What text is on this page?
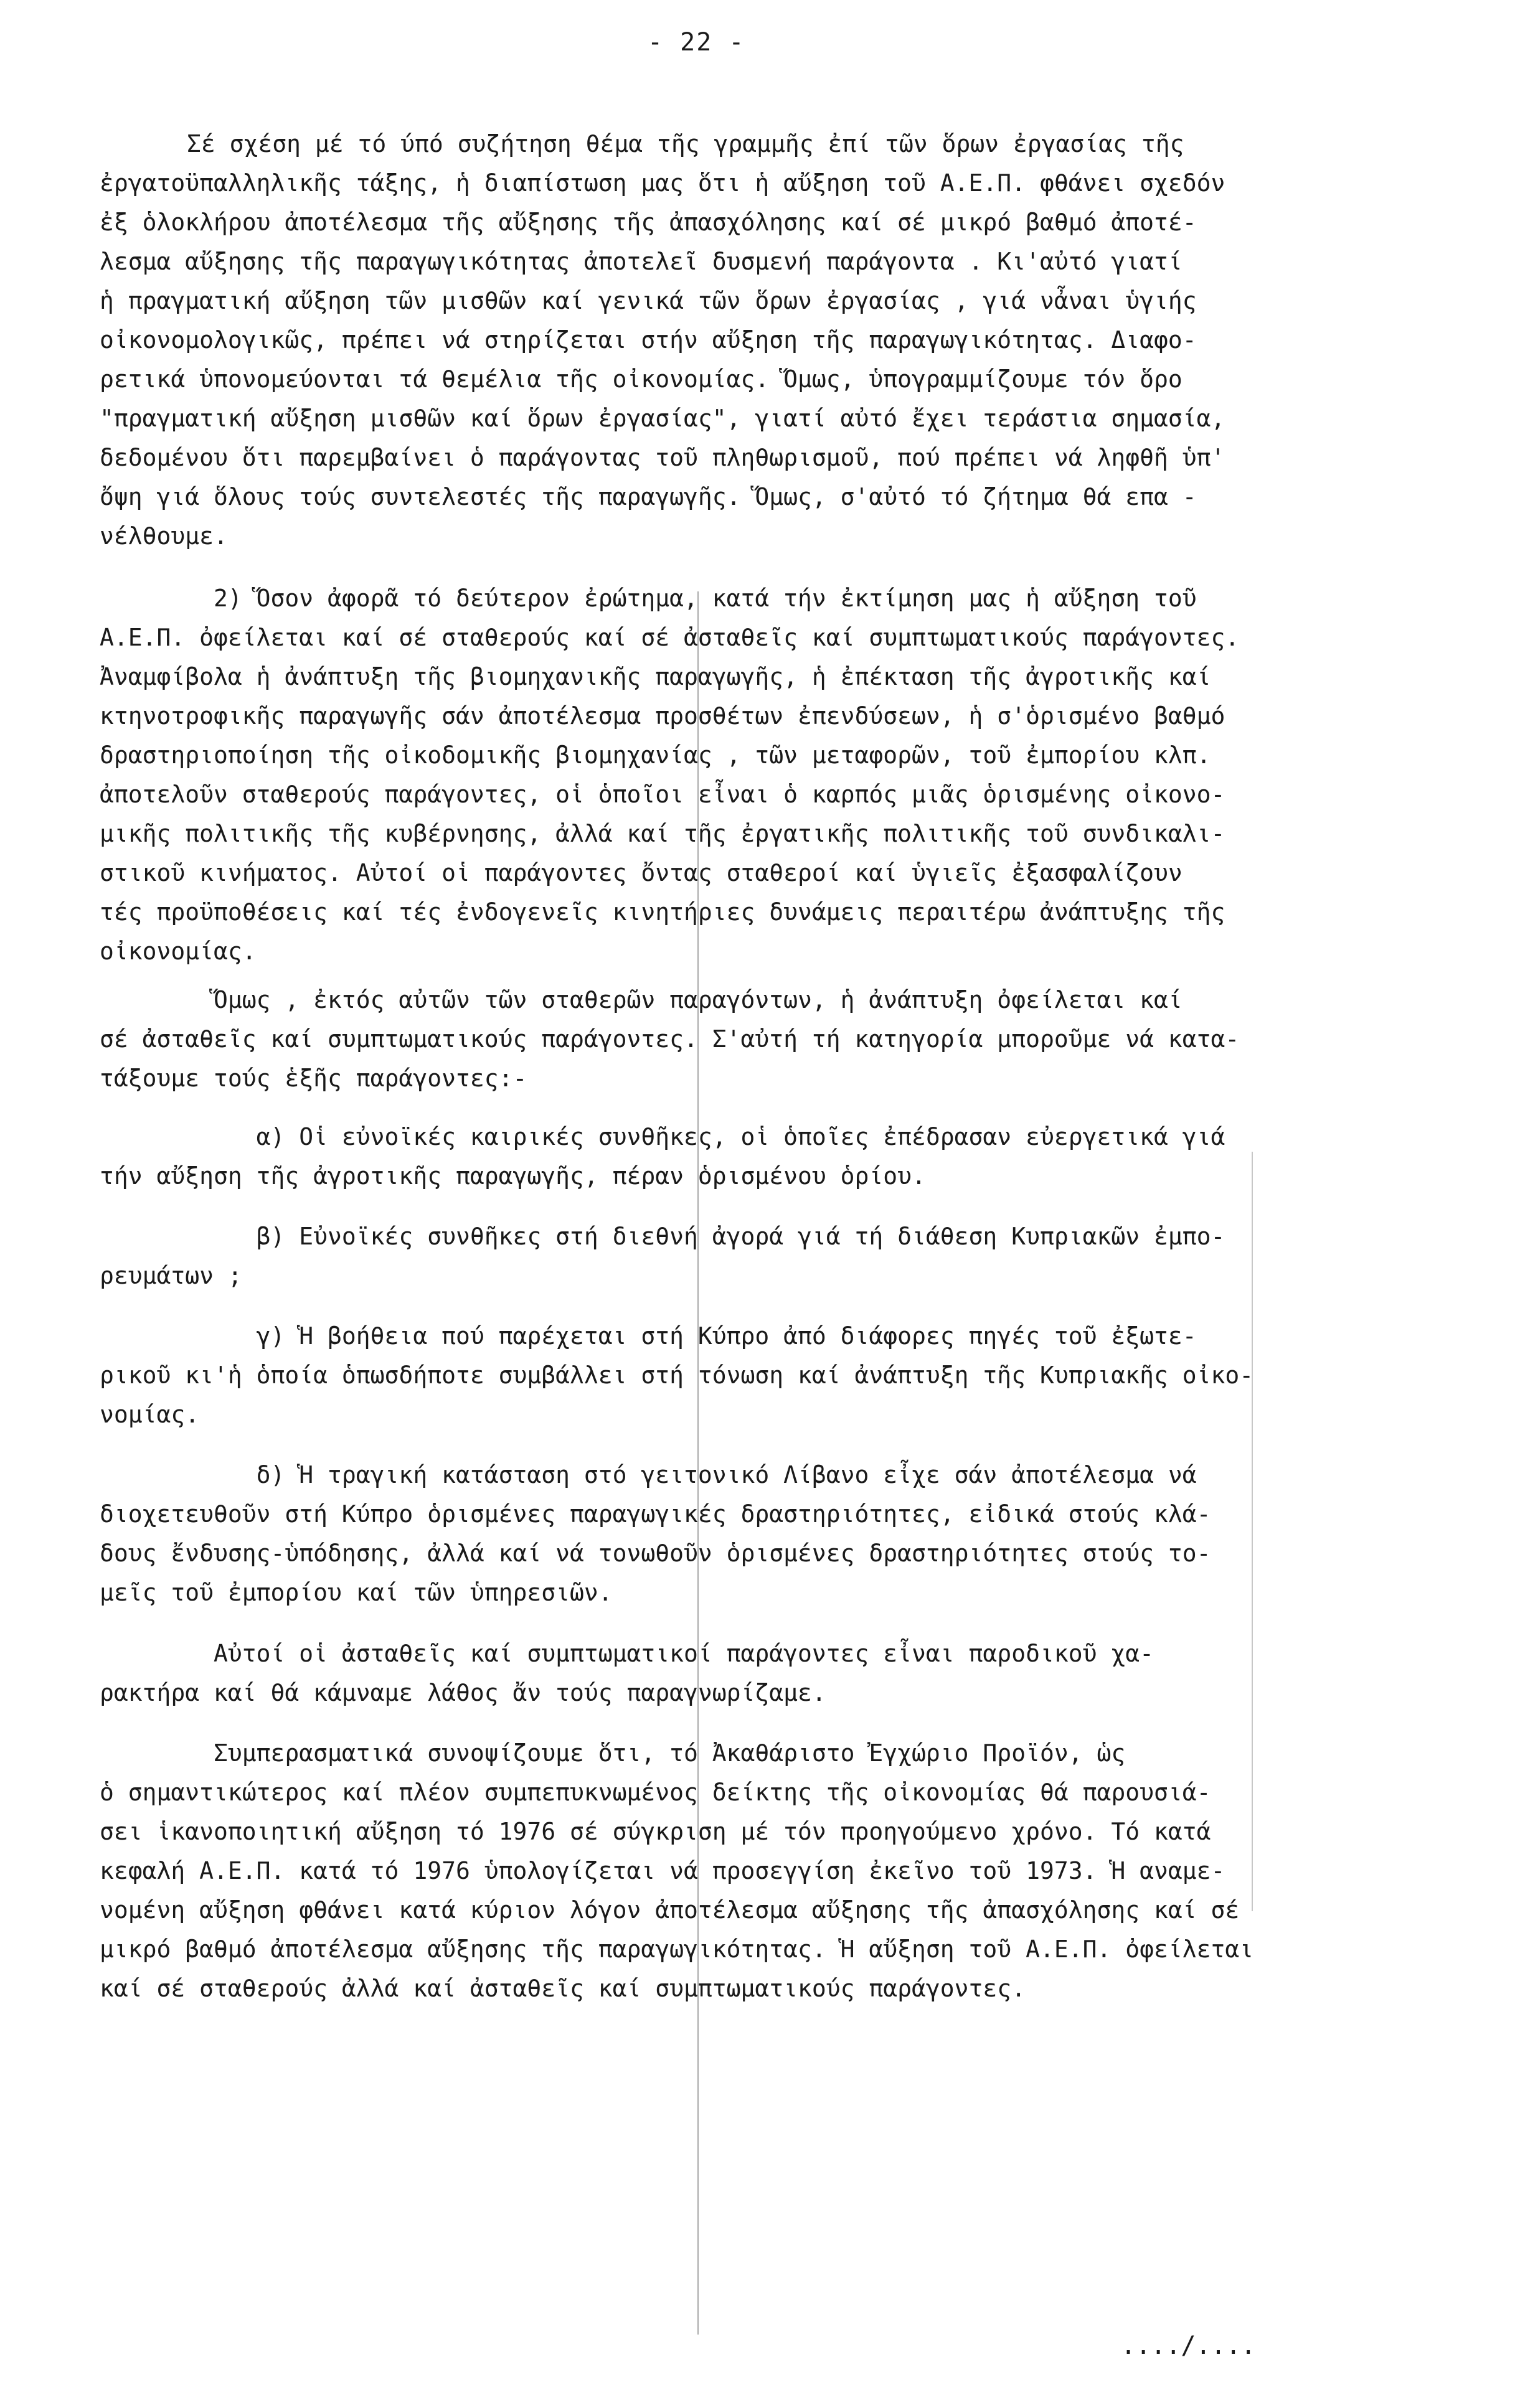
- 22 -
Σέ σχέση μέ τό ύπό συζήτηση θέμα τῆς γραμμῆς ἐπί τῶν ὅρων ἐργασίας τῆς
ἐργατοϋπαλληλικῆς τάξης, ἡ διαπίστωση μας ὅτι ἡ αὔξηση τοῦ Α.Ε.Π. φθάνει σχεδόν
ἐξ ὁλοκλήρου ἀποτέλεσμα τῆς αὔξησης τῆς ἀπασχόλησης καί σέ μικρό βαθμό ἀποτέ-
λεσμα αὔξησης τῆς παραγωγικότητας ἀποτελεῖ δυσμενή παράγοντα . Κι'αὐτό γιατί
ἡ πραγματική αὔξηση τῶν μισθῶν καί γενικά τῶν ὅρων ἐργασίας , γιά νἆναι ὑγιής
οἰκονομολογικῶς, πρέπει νά στηρίζεται στήν αὔξηση τῆς παραγωγικότητας. Διαφο-
ρετικά ὑπονομεύονται τά θεμέλια τῆς οἰκονομίας. Ὅμως, ὑπογραμμίζουμε τόν ὅρο
"πραγματική αὔξηση μισθῶν καί ὅρων ἐργασίας", γιατί αὐτό ἔχει τεράστια σημασία,
δεδομένου ὅτι παρεμβαίνει ὁ παράγοντας τοῦ πληθωρισμοῦ, πού πρέπει νά ληφθῆ ὑπ'
ὄψη γιά ὅλους τούς συντελεστές τῆς παραγωγῆς. Ὅμως, σ'αὐτό τό ζήτημα θά επα -
νέλθουμε.
2) Ὅσον ἀφορᾶ τό δεύτερον ἐρώτημα, κατά τήν ἐκτίμηση μας ἡ αὔξηση τοῦ
Α.Ε.Π. ὀφείλεται καί σέ σταθερούς καί σέ ἀσταθεῖς καί συμπτωματικούς παράγοντες.
Ἀναμφίβολα ἡ ἀνάπτυξη τῆς βιομηχανικῆς παραγωγῆς, ἡ ἐπέκταση τῆς ἀγροτικῆς καί
κτηνοτροφικῆς παραγωγῆς σάν ἀποτέλεσμα προσθέτων ἐπενδύσεων, ἡ σ'ὁρισμένο βαθμό
δραστηριοποίηση τῆς οἰκοδομικῆς βιομηχανίας , τῶν μεταφορῶν, τοῦ ἐμπορίου κλπ.
ἀποτελοῦν σταθερούς παράγοντες, οἱ ὁποῖοι εἶναι ὁ καρπός μιᾶς ὁρισμένης οἰκονο-
μικῆς πολιτικῆς τῆς κυβέρνησης, ἀλλά καί τῆς ἐργατικῆς πολιτικῆς τοῦ συνδικαλι-
στικοῦ κινήματος. Αὐτοί οἱ παράγοντες ὄντας σταθεροί καί ὑγιεῖς ἐξασφαλίζουν
τές προϋποθέσεις καί τές ἐνδογενεῖς κινητήριες δυνάμεις περαιτέρω ἀνάπτυξης τῆς
οἰκονομίας.
Ὅμως , ἐκτός αὐτῶν τῶν σταθερῶν παραγόντων, ἡ ἀνάπτυξη ὀφείλεται καί
σέ ἀσταθεῖς καί συμπτωματικούς παράγοντες. Σ'αὐτή τή κατηγορία μποροῦμε νά κατα-
τάξουμε τούς ἑξῆς παράγοντες:-
α) Οἱ εὐνοϊκές καιρικές συνθῆκες, οἱ ὁποῖες ἐπέδρασαν εὐεργετικά γιά
τήν αὔξηση τῆς ἀγροτικῆς παραγωγῆς, πέραν ὁρισμένου ὁρίου.
β) Εὐνοϊκές συνθῆκες στή διεθνή ἀγορά γιά τή διάθεση Κυπριακῶν ἐμπο-
ρευμάτων ;
γ) Ἡ βοήθεια πού παρέχεται στή Κύπρο ἀπό διάφορες πηγές τοῦ ἐξωτε-
ρικοῦ κι'ἡ ὁποία ὁπωσδήποτε συμβάλλει στή τόνωση καί ἀνάπτυξη τῆς Κυπριακῆς οἰκο-
νομίας.
δ) Ἡ τραγική κατάσταση στό γειτονικό Λίβανο εἶχε σάν ἀποτέλεσμα νά
διοχετευθοῦν στή Κύπρο ὁρισμένες παραγωγικές δραστηριότητες, εἰδικά στούς κλά-
δους ἔνδυσης-ὑπόδησης, ἀλλά καί νά τονωθοῦν ὁρισμένες δραστηριότητες στούς το-
μεῖς τοῦ ἐμπορίου καί τῶν ὑπηρεσιῶν.
Αὐτοί οἱ ἀσταθεῖς καί συμπτωματικοί παράγοντες εἶναι παροδικοῦ χα-
ρακτήρα καί θά κάμναμε λάθος ἄν τούς παραγνωρίζαμε.
Συμπερασματικά συνοψίζουμε ὅτι, τό Ἀκαθάριστο Ἐγχώριο Προϊόν, ὡς
ὁ σημαντικώτερος καί πλέον συμπεπυκνωμένος δείκτης τῆς οἰκονομίας θά παρουσιά-
σει ἱκανοποιητική αὔξηση τό 1976 σέ σύγκριση μέ τόν προηγούμενο χρόνο. Τό κατά
κεφαλή Α.Ε.Π. κατά τό 1976 ὑπολογίζεται νά προσεγγίση ἐκεῖνο τοῦ 1973. Ἡ αναμε-
νομένη αὔξηση φθάνει κατά κύριον λόγον ἀποτέλεσμα αὔξησης τῆς ἀπασχόλησης καί σέ
μικρό βαθμό ἀποτέλεσμα αὔξησης τῆς παραγωγικότητας. Ἡ αὔξηση τοῦ Α.Ε.Π. ὀφείλεται
καί σέ σταθερούς ἀλλά καί ἀσταθεῖς καί συμπτωματικούς παράγοντες.
..../....
